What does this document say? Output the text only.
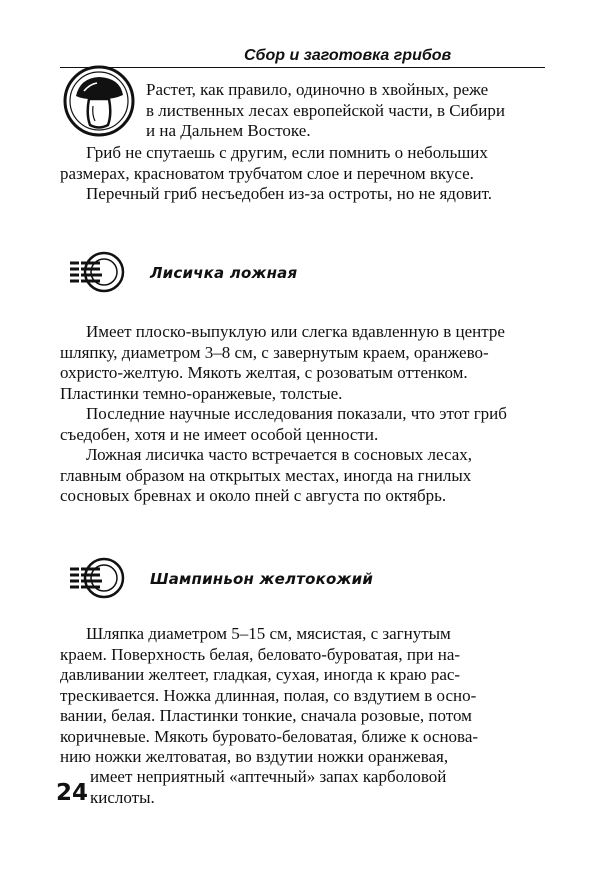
Сбор и заготовка грибов

Растет, как правило, одиночно в хвойных, реже
в лиственных лесах европейской части, в Сибири
и на Дальнем Востоке.

Гриб не спутаешь с другим, если помнить о небольших
размерах, красноватом трубчатом слое и перечном вкусе.

Перечный гриб несъедобен из-за остроты, но не ядовит.

Лисичка ложная

Имеет плоско-выпуклую или слегка вдавленную в центре
шляпку, диаметром 3–8 см, с завернутым краем, оранжево-
охристо-желтую. Мякоть желтая, с розоватым оттенком.
Пластинки темно-оранжевые, толстые.

Последние научные исследования показали, что этот гриб
съедобен, хотя и не имеет особой ценности.

Ложная лисичка часто встречается в сосновых лесах,
главным образом на открытых местах, иногда на гнилых
сосновых бревнах и около пней с августа по октябрь.

Шампиньон желтокожий

Шляпка диаметром 5–15 см, мясистая, с загнутым
краем. Поверхность белая, беловато-буроватая, при на-
давливании желтеет, гладкая, сухая, иногда к краю рас-
трескивается. Ножка длинная, полая, со вздутием в осно-
вании, белая. Пластинки тонкие, сначала розовые, потом
коричневые. Мякоть буровато-беловатая, ближе к основа-
нию ножки желтоватая, во вздутии ножки оранжевая,

имеет неприятный «аптечный» запах карболовой
кислоты.

24
